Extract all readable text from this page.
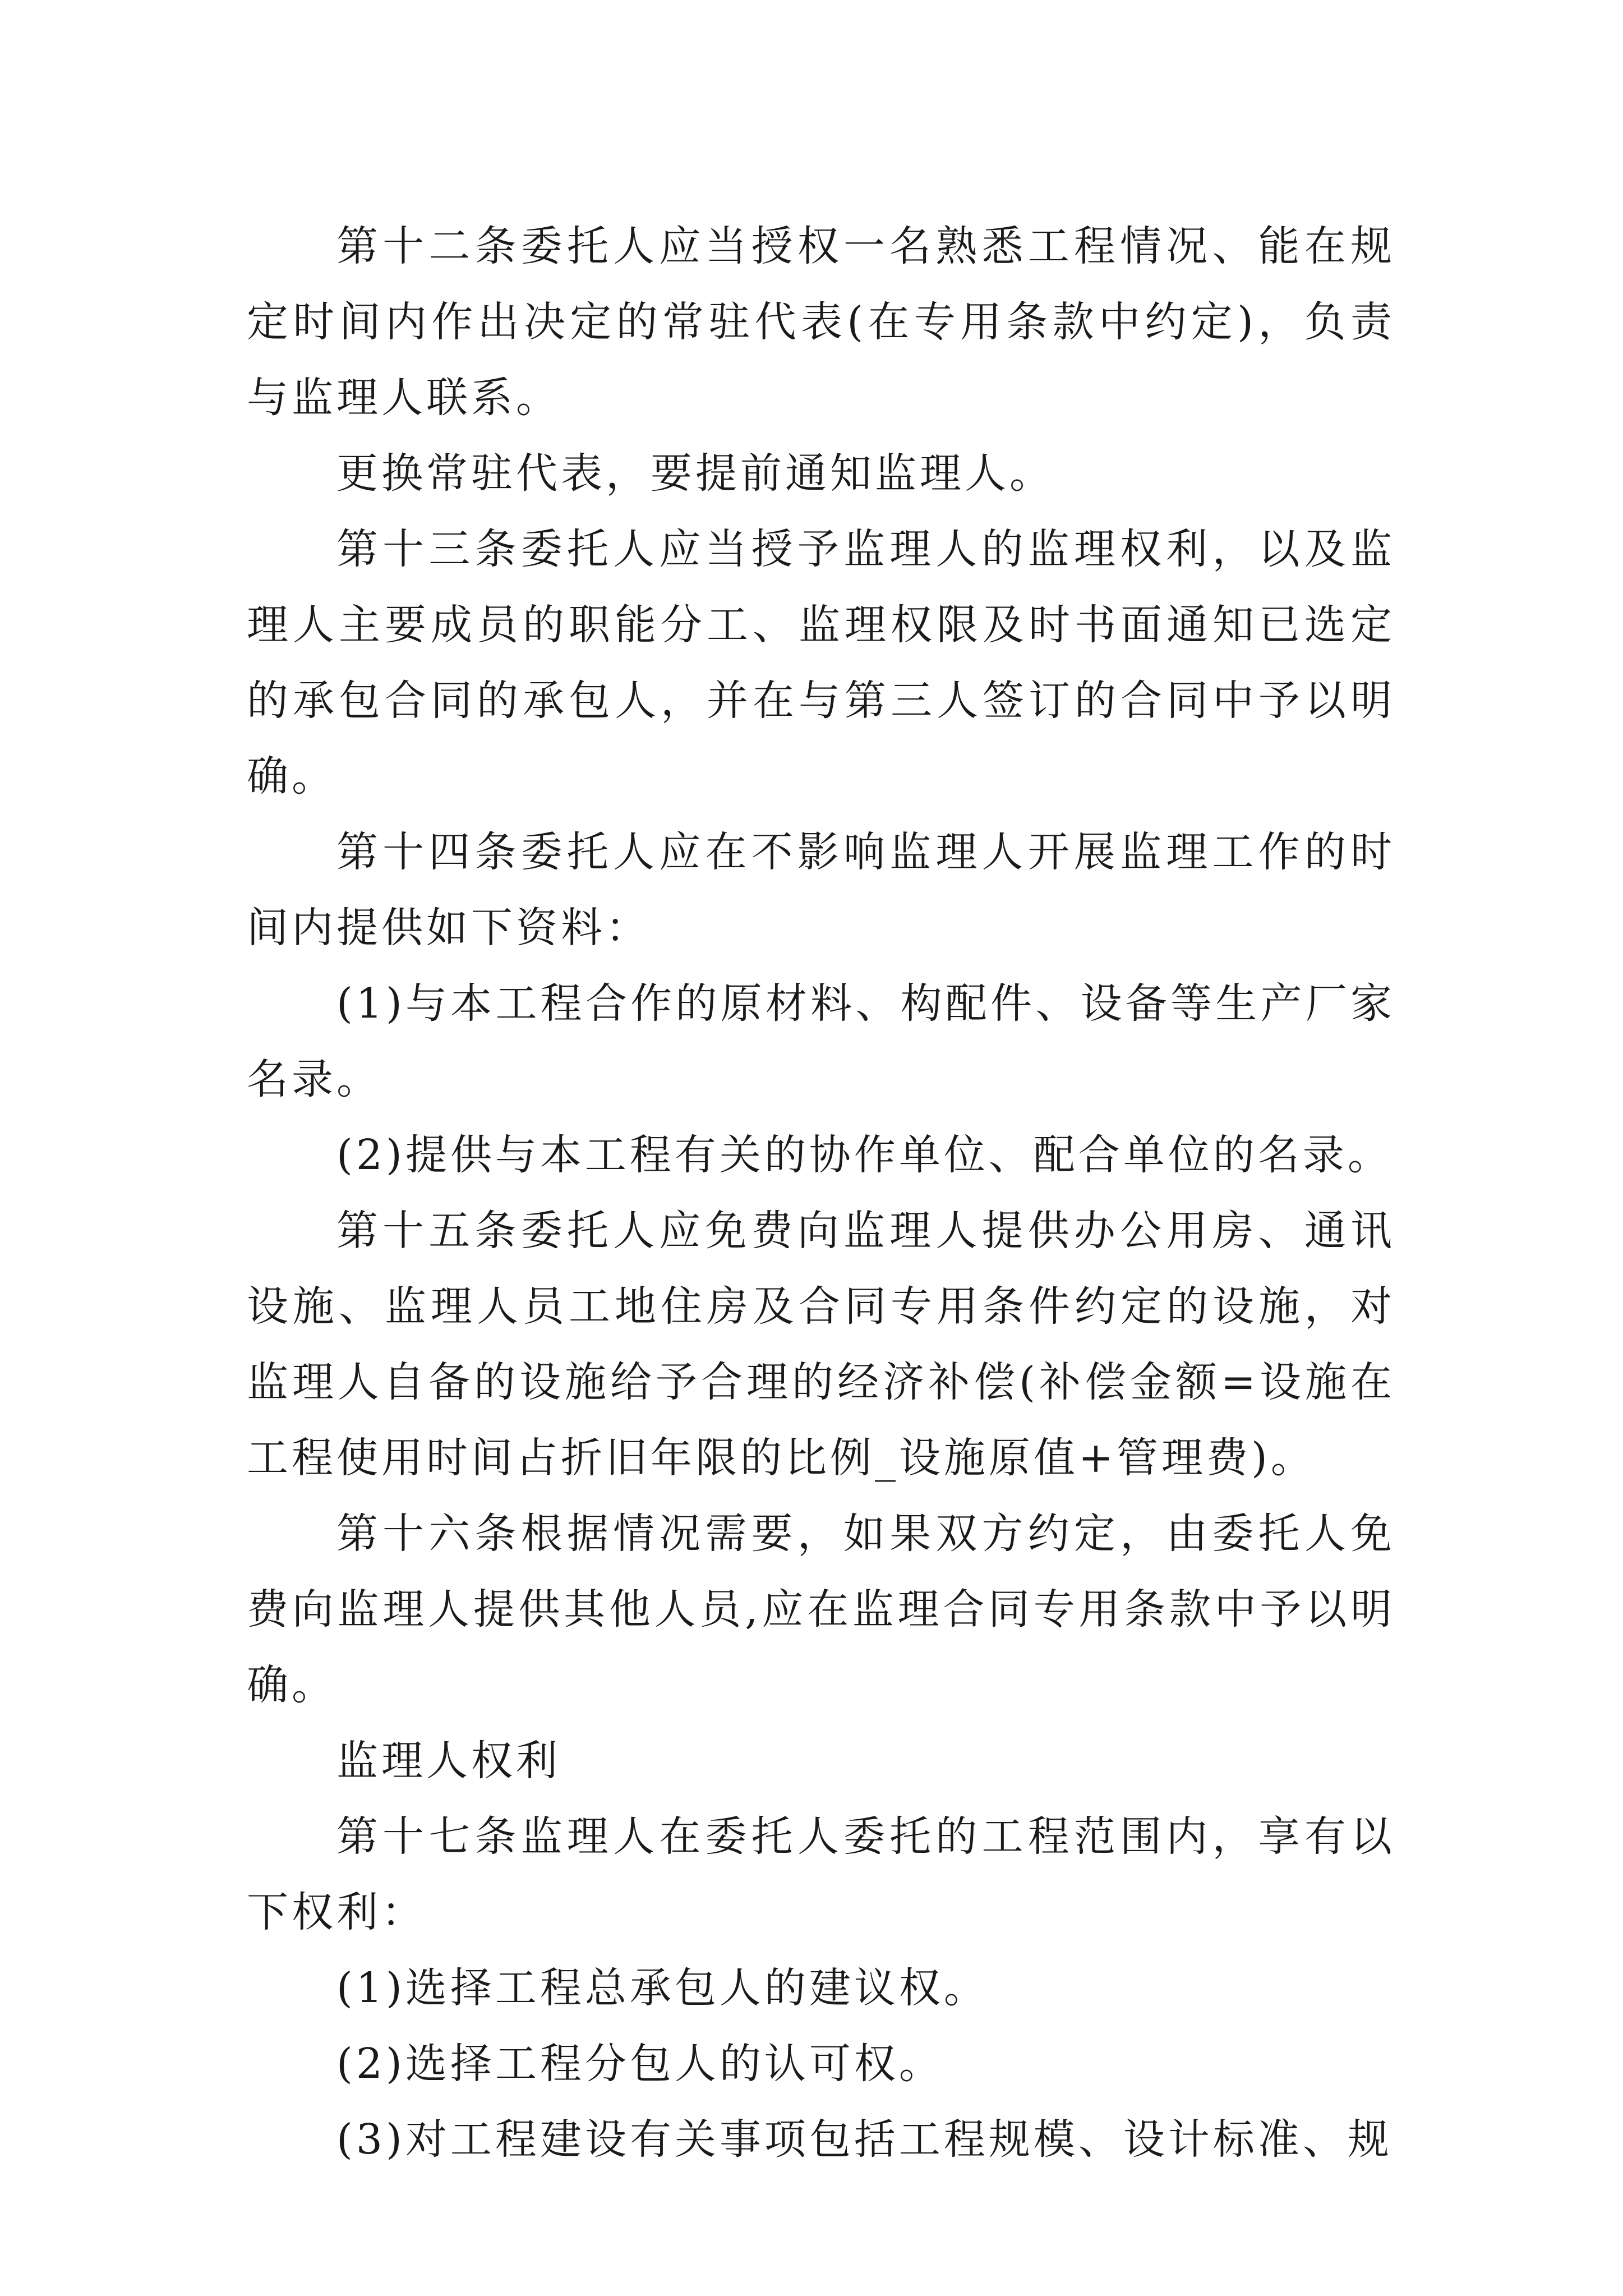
第十二条委托人应当授权一名熟悉工程情况、能在规定时间内作出决定的常驻代表(在专用条款中约定)，负责与监理人联系。

更换常驻代表，要提前通知监理人。

第十三条委托人应当授予监理人的监理权利，以及监理人主要成员的职能分工、监理权限及时书面通知已选定的承包合同的承包人，并在与第三人签订的合同中予以明确。

第十四条委托人应在不影响监理人开展监理工作的时间内提供如下资料：

(1)与本工程合作的原材料、构配件、设备等生产厂家名录。

(2)提供与本工程有关的协作单位、配合单位的名录。

第十五条委托人应免费向监理人提供办公用房、通讯设施、监理人员工地住房及合同专用条件约定的设施，对监理人自备的设施给予合理的经济补偿(补偿金额=设施在工程使用时间占折旧年限的比例_设施原值+管理费)。

第十六条根据情况需要，如果双方约定，由委托人免费向监理人提供其他人员,应在监理合同专用条款中予以明确。

监理人权利

第十七条监理人在委托人委托的工程范围内，享有以下权利：

(1)选择工程总承包人的建议权。

(2)选择工程分包人的认可权。

(3)对工程建设有关事项包括工程规模、设计标准、规
